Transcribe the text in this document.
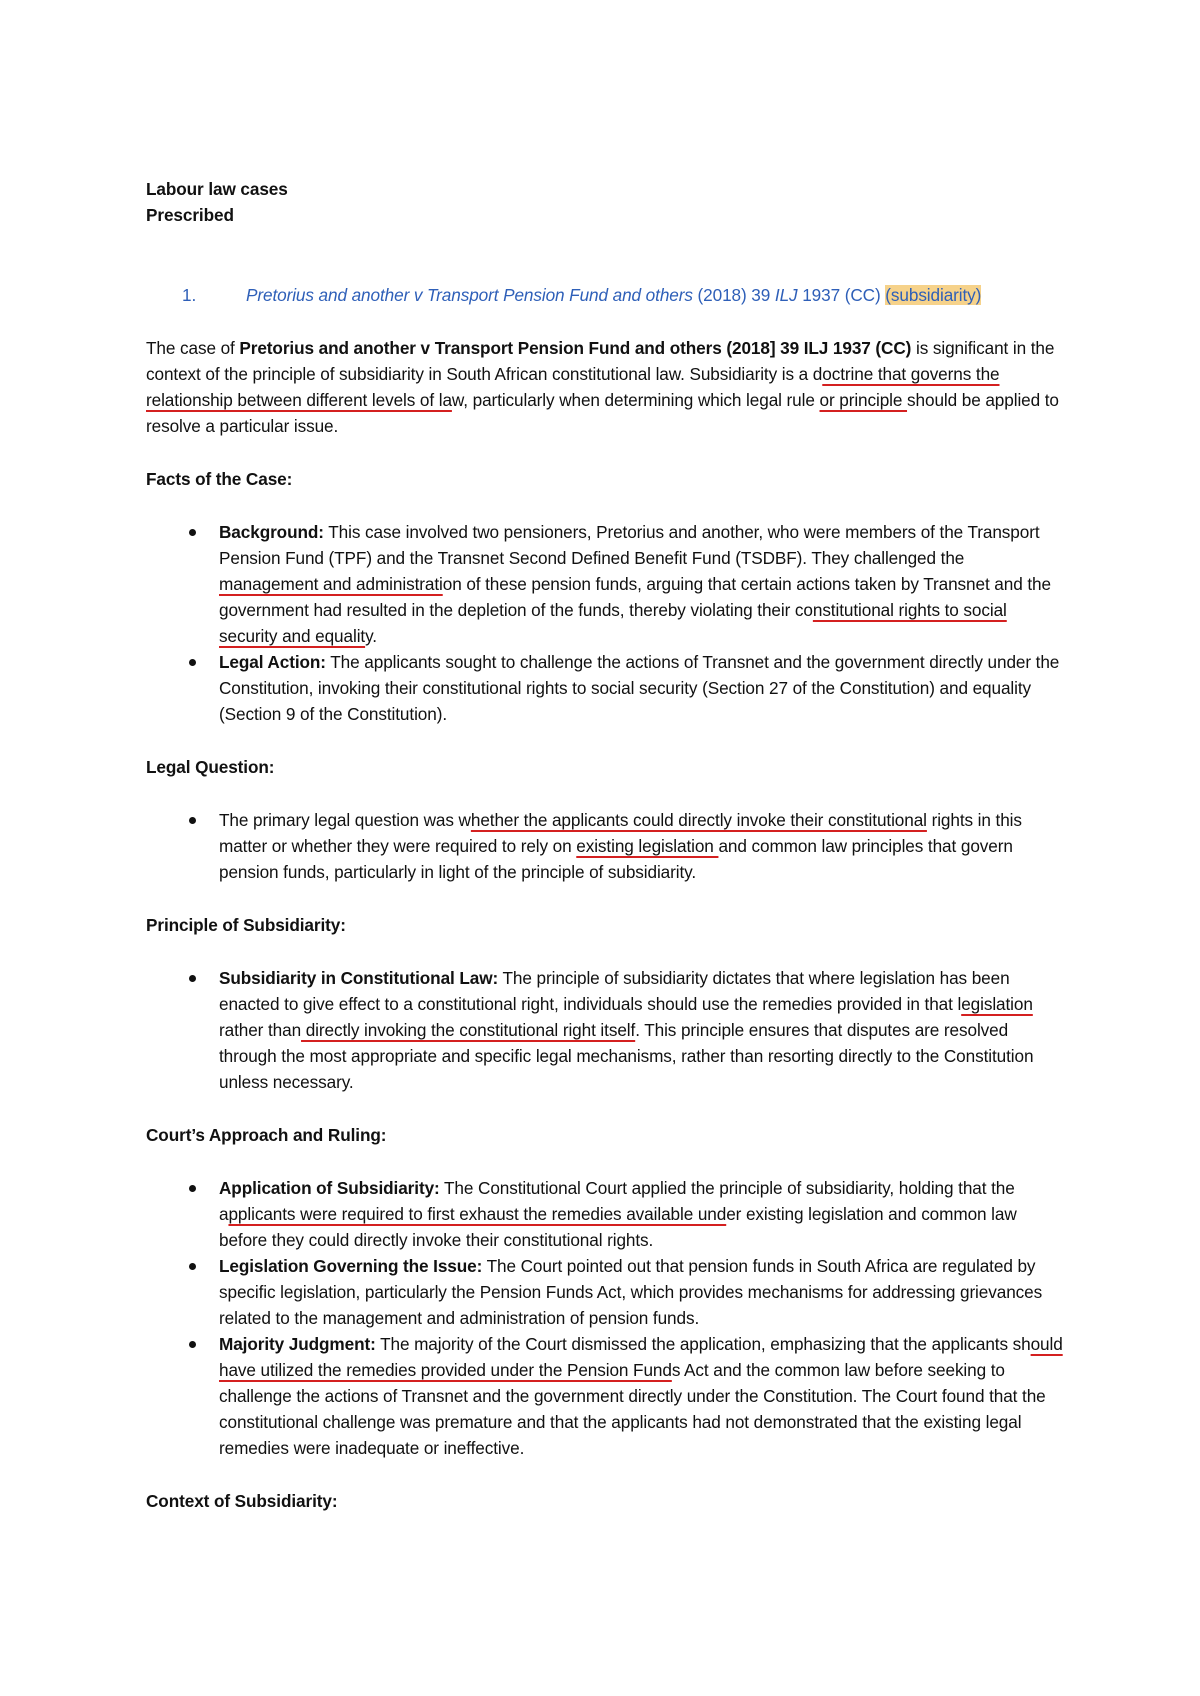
Labour law cases
Prescribed
1.	Pretorius and another v Transport Pension Fund and others (2018) 39 ILJ 1937 (CC) (subsidiarity)

The case of Pretorius and another v Transport Pension Fund and others (2018] 39 ILJ 1937 (CC) is significant in the context of the principle of subsidiarity in South African constitutional law. Subsidiarity is a doctrine that governs the relationship between different levels of law, particularly when determining which legal rule or principle should be applied to resolve a particular issue.

Facts of the Case:
Background: This case involved two pensioners, Pretorius and another, who were members of the Transport Pension Fund (TPF) and the Transnet Second Defined Benefit Fund (TSDBF). They challenged the management and administration of these pension funds, arguing that certain actions taken by Transnet and the government had resulted in the depletion of the funds, thereby violating their constitutional rights to social security and equality.
Legal Action: The applicants sought to challenge the actions of Transnet and the government directly under the Constitution, invoking their constitutional rights to social security (Section 27 of the Constitution) and equality (Section 9 of the Constitution).
Legal Question:
The primary legal question was whether the applicants could directly invoke their constitutional rights in this matter or whether they were required to rely on existing legislation and common law principles that govern pension funds, particularly in light of the principle of subsidiarity.
Principle of Subsidiarity:
Subsidiarity in Constitutional Law: The principle of subsidiarity dictates that where legislation has been enacted to give effect to a constitutional right, individuals should use the remedies provided in that legislation rather than directly invoking the constitutional right itself. This principle ensures that disputes are resolved through the most appropriate and specific legal mechanisms, rather than resorting directly to the Constitution unless necessary.
Court’s Approach and Ruling:
Application of Subsidiarity: The Constitutional Court applied the principle of subsidiarity, holding that the applicants were required to first exhaust the remedies available under existing legislation and common law before they could directly invoke their constitutional rights.
Legislation Governing the Issue: The Court pointed out that pension funds in South Africa are regulated by specific legislation, particularly the Pension Funds Act, which provides mechanisms for addressing grievances related to the management and administration of pension funds.
Majority Judgment: The majority of the Court dismissed the application, emphasizing that the applicants should have utilized the remedies provided under the Pension Funds Act and the common law before seeking to challenge the actions of Transnet and the government directly under the Constitution. The Court found that the constitutional challenge was premature and that the applicants had not demonstrated that the existing legal remedies were inadequate or ineffective.
Context of Subsidiarity:
